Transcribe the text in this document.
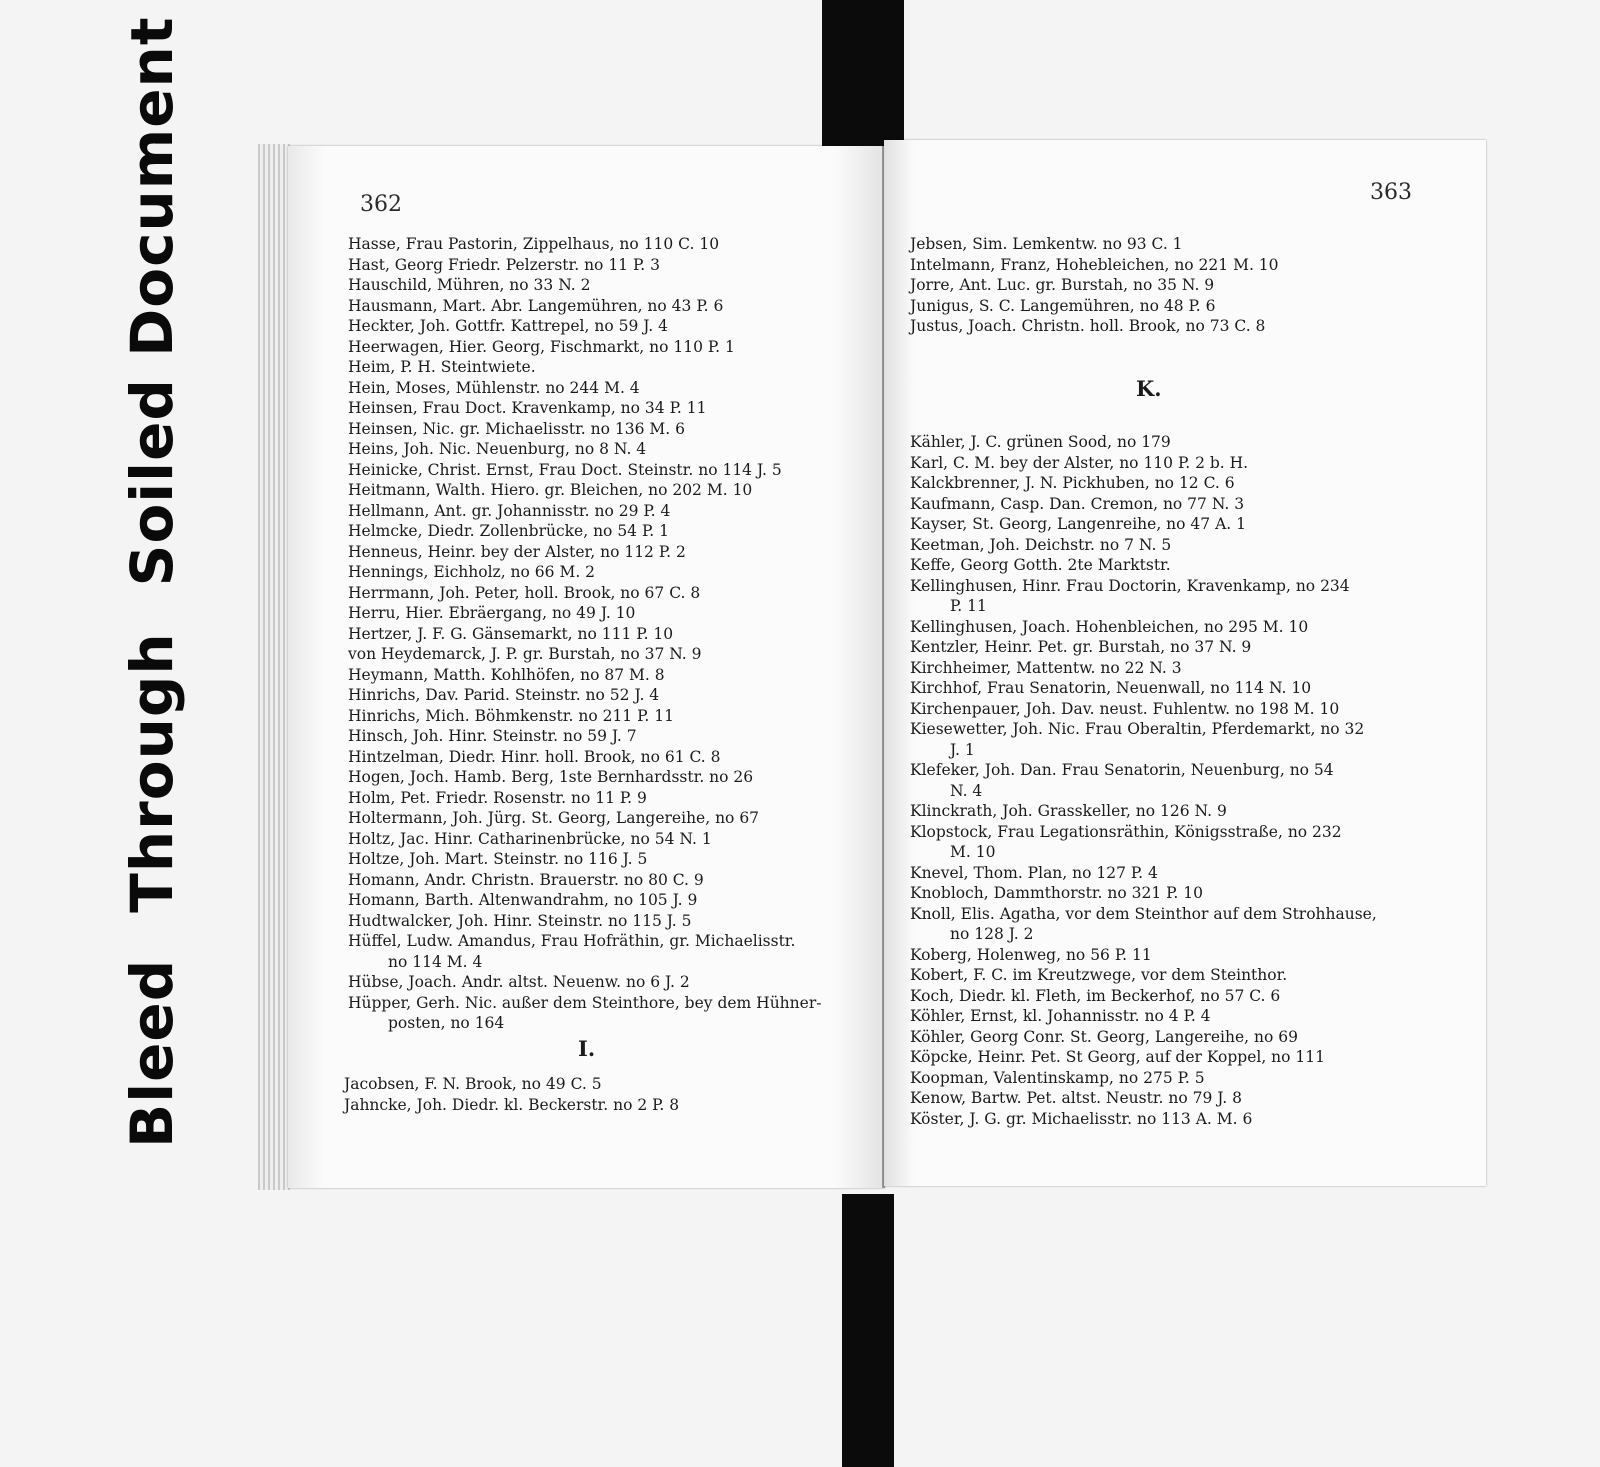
Bleed
Through
Soiled Document	362
Hasse, Frau Pastorin, Zippelhaus, no 110 C. 10
Hast, Georg Friedr. Pelzerstr. no 11 P. 3
Hauschild, Mühren, no 33 N. 2
Hausmann, Mart. Abr. Langemühren, no 43 P. 6
Heckter, Joh. Gottfr. Kattrepel, no 59 J. 4
Heerwagen, Hier. Georg, Fischmarkt, no 110 P. 1
Heim, P. H. Steintwiete.
Hein, Moses, Mühlenstr. no 244 M. 4
Heinsen, Frau Doct. Kravenkamp, no 34 P. 11
Heinsen, Nic. gr. Michaelisstr. no 136 M. 6
Heins, Joh. Nic. Neuenburg, no 8 N. 4
Heinicke, Christ. Ernst, Frau Doct. Steinstr. no 114 J. 5
Heitmann, Walth. Hiero. gr. Bleichen, no 202 M. 10
Hellmann, Ant. gr. Johannisstr. no 29 P. 4
Helmcke, Diedr. Zollenbrücke, no 54 P. 1
Henneus, Heinr. bey der Alster, no 112 P. 2
Hennings, Eichholz, no 66 M. 2
Herrmann, Joh. Peter, holl. Brook, no 67 C. 8
Herru, Hier. Ebräergang, no 49 J. 10
Hertzer, J. F. G. Gänsemarkt, no 111 P. 10
von Heydemarck, J. P. gr. Burstah, no 37 N. 9
Heymann, Matth. Kohlhöfen, no 87 M. 8
Hinrichs, Dav. Parid. Steinstr. no 52 J. 4
Hinrichs, Mich. Böhmkenstr. no 211 P. 11
Hinsch, Joh. Hinr. Steinstr. no 59 J. 7
Hintzelman, Diedr. Hinr. holl. Brook, no 61 C. 8
Hogen, Joch. Hamb. Berg, 1ste Bernhardsstr. no 26
Holm, Pet. Friedr. Rosenstr. no 11 P. 9
Holtermann, Joh. Jürg. St. Georg, Langereihe, no 67
Holtz, Jac. Hinr. Catharinenbrücke, no 54 N. 1
Holtze, Joh. Mart. Steinstr. no 116 J. 5
Homann, Andr. Christn. Brauerstr. no 80 C. 9
Homann, Barth. Altenwandrahm, no 105 J. 9
Hudtwalcker, Joh. Hinr. Steinstr. no 115 J. 5
Hüffel, Ludw. Amandus, Frau Hofräthin, gr. Michaelisstr.
no 114 M. 4
Hübse, Joach. Andr. altst. Neuenw. no 6 J. 2
Hüpper, Gerh. Nic. außer dem Steinthore, bey dem Hühner-
posten, no 164
I.
Jacobsen, F. N. Brook, no 49 C. 5
Jahncke, Joh. Diedr. kl. Beckerstr. no 2 P. 8
363
Jebsen, Sim. Lemkentw. no 93 C. 1
Intelmann, Franz, Hohebleichen, no 221 M. 10
Jorre, Ant. Luc. gr. Burstah, no 35 N. 9
Junigus, S. C. Langemühren, no 48 P. 6
Justus, Joach. Christn. holl. Brook, no 73 C. 8
K.
Kähler, J. C. grünen Sood, no 179
Karl, C. M. bey der Alster, no 110 P. 2 b. H.
Kalckbrenner, J. N. Pickhuben, no 12 C. 6
Kaufmann, Casp. Dan. Cremon, no 77 N. 3
Kayser, St. Georg, Langenreihe, no 47 A. 1
Keetman, Joh. Deichstr. no 7 N. 5
Keffe, Georg Gotth. 2te Marktstr.
Kellinghusen, Hinr. Frau Doctorin, Kravenkamp, no 234
P. 11
Kellinghusen, Joach. Hohenbleichen, no 295 M. 10
Kentzler, Heinr. Pet. gr. Burstah, no 37 N. 9
Kirchheimer, Mattentw. no 22 N. 3
Kirchhof, Frau Senatorin, Neuenwall, no 114 N. 10
Kirchenpauer, Joh. Dav. neust. Fuhlentw. no 198 M. 10
Kiesewetter, Joh. Nic. Frau Oberaltin, Pferdemarkt, no 32
J. 1
Klefeker, Joh. Dan. Frau Senatorin, Neuenburg, no 54
N. 4
Klinckrath, Joh. Grasskeller, no 126 N. 9
Klopstock, Frau Legationsräthin, Königsstraße, no 232
M. 10
Knevel, Thom. Plan, no 127 P. 4
Knobloch, Dammthorstr. no 321 P. 10
Knoll, Elis. Agatha, vor dem Steinthor auf dem Strohhause,
no 128 J. 2
Koberg, Holenweg, no 56 P. 11
Kobert, F. C. im Kreutzwege, vor dem Steinthor.
Koch, Diedr. kl. Fleth, im Beckerhof, no 57 C. 6
Köhler, Ernst, kl. Johannisstr. no 4 P. 4
Köhler, Georg Conr. St. Georg, Langereihe, no 69
Köpcke, Heinr. Pet. St Georg, auf der Koppel, no 111
Koopman, Valentinskamp, no 275 P. 5
Kenow, Bartw. Pet. altst. Neustr. no 79 J. 8
Köster, J. G. gr. Michaelisstr. no 113 A. M. 6
